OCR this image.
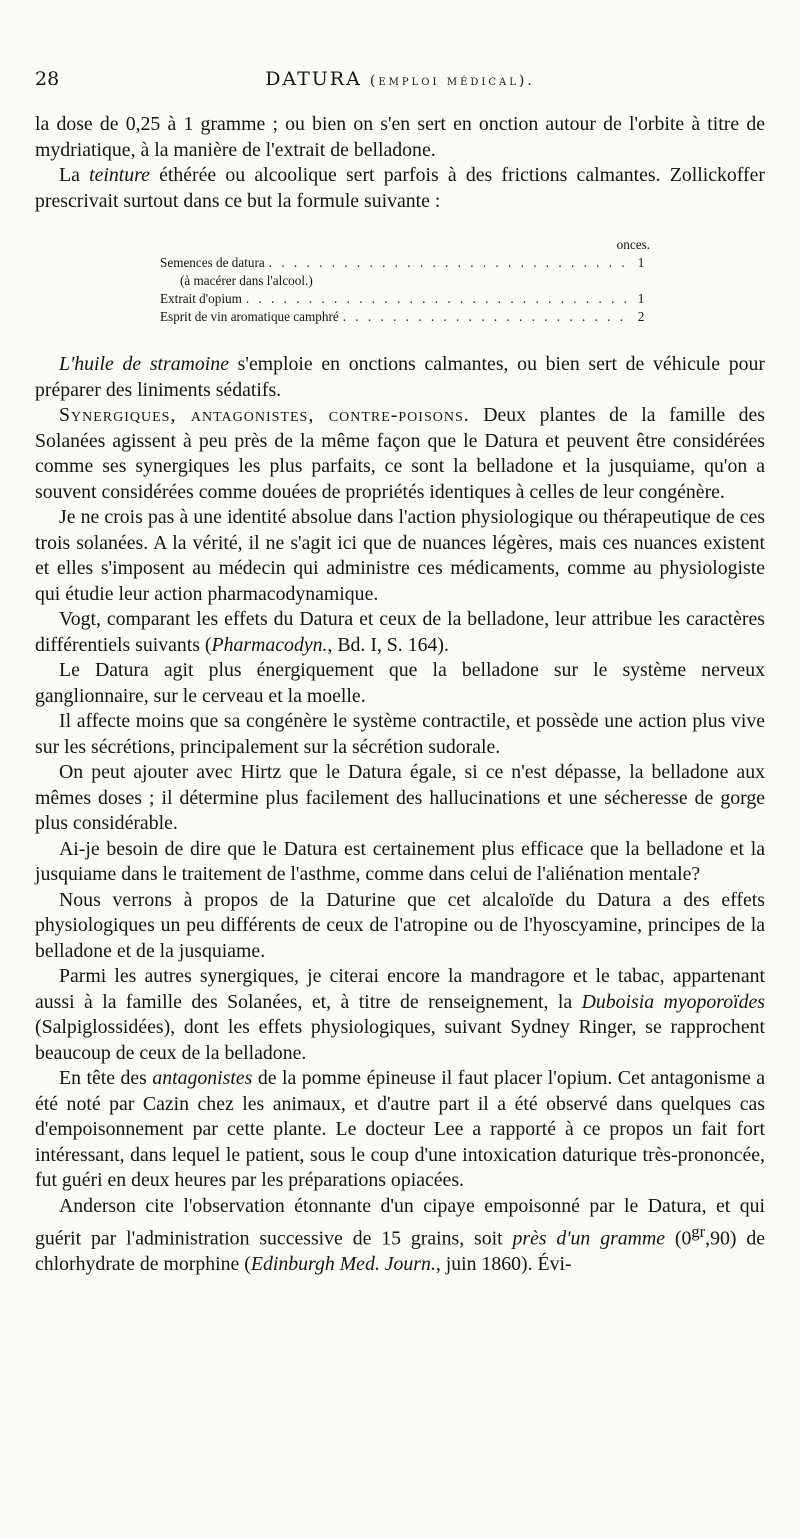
28	DATURA (emploi médical).

la dose de 0,25 à 1 gramme ; ou bien on s'en sert en onction autour de l'orbite à titre de mydriatique, à la manière de l'extrait de belladone.

La teinture éthérée ou alcoolique sert parfois à des frictions calmantes. Zollickoffer prescrivait surtout dans ce but la formule suivante :

onces.
Semences de datura . . .	1
(à macérer dans l'alcool.)
Extrait d'opium . . .	1
Esprit de vin aromatique camphré . . .	2

L'huile de stramoine s'emploie en onctions calmantes, ou bien sert de véhicule pour préparer des liniments sédatifs.

Synergiques, antagonistes, contre-poisons. Deux plantes de la famille des Solanées agissent à peu près de la même façon que le Datura et peuvent être considérées comme ses synergiques les plus parfaits, ce sont la belladone et la jusquiame, qu'on a souvent considérées comme douées de propriétés identiques à celles de leur congénère.

Je ne crois pas à une identité absolue dans l'action physiologique ou thérapeutique de ces trois solanées. A la vérité, il ne s'agit ici que de nuances légères, mais ces nuances existent et elles s'imposent au médecin qui administre ces médicaments, comme au physiologiste qui étudie leur action pharmacodynamique.

Vogt, comparant les effets du Datura et ceux de la belladone, leur attribue les caractères différentiels suivants (Pharmacodyn., Bd. I, S. 164).

Le Datura agit plus énergiquement que la belladone sur le système nerveux ganglionnaire, sur le cerveau et la moelle.

Il affecte moins que sa congénère le système contractile, et possède une action plus vive sur les sécrétions, principalement sur la sécrétion sudorale.

On peut ajouter avec Hirtz que le Datura égale, si ce n'est dépasse, la belladone aux mêmes doses ; il détermine plus facilement des hallucinations et une sécheresse de gorge plus considérable.

Ai-je besoin de dire que le Datura est certainement plus efficace que la belladone et la jusquiame dans le traitement de l'asthme, comme dans celui de l'aliénation mentale?

Nous verrons à propos de la Daturine que cet alcaloïde du Datura a des effets physiologiques un peu différents de ceux de l'atropine ou de l'hyoscyamine, principes de la belladone et de la jusquiame.

Parmi les autres synergiques, je citerai encore la mandragore et le tabac, appartenant aussi à la famille des Solanées, et, à titre de renseignement, la Duboisia myoporoïdes (Salpiglossidées), dont les effets physiologiques, suivant Sydney Ringer, se rapprochent beaucoup de ceux de la belladone.

En tête des antagonistes de la pomme épineuse il faut placer l'opium. Cet antagonisme a été noté par Cazin chez les animaux, et d'autre part il a été observé dans quelques cas d'empoisonnement par cette plante. Le docteur Lee a rapporté à ce propos un fait fort intéressant, dans lequel le patient, sous le coup d'une intoxication daturique très-prononcée, fut guéri en deux heures par les préparations opiacées.

Anderson cite l'observation étonnante d'un cipaye empoisonné par le Datura, et qui guérit par l'administration successive de 15 grains, soit près d'un gramme $(0^{gr},90)$ de chlorhydrate de morphine (Edinburgh Med. Journ., juin 1860). Évi-
